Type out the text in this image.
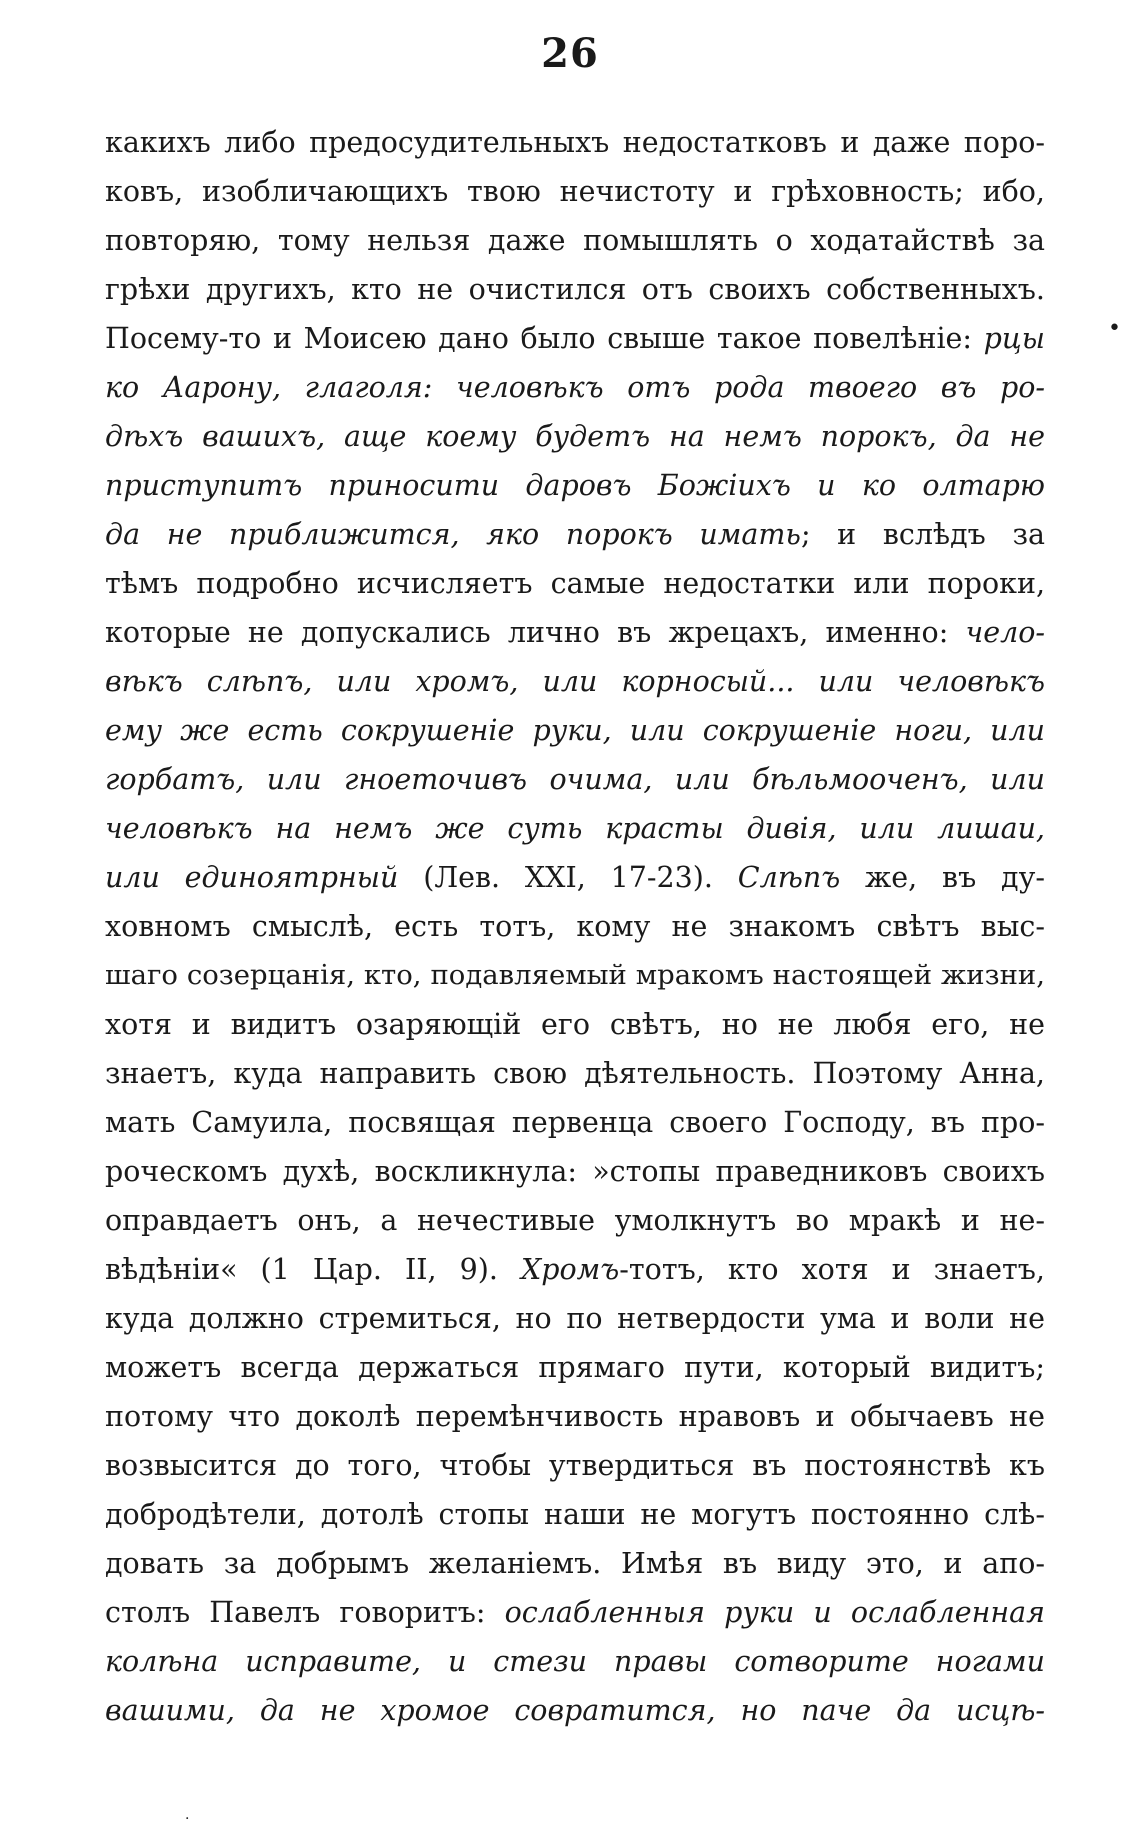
26
какихъ либо предосудительныхъ недостатковъ и даже поро-
ковъ, изобличающихъ твою нечистоту и грѣховность; ибо,
повторяю, тому нельзя даже помышлять о ходатайствѣ за
грѣхи другихъ, кто не очистился отъ своихъ собственныхъ.
Посему-то и Моисею дано было свыше такое повелѣніе: рцы
ко Аарону, глаголя: человѣкъ отъ рода твоего въ ро-
дѣхъ вашихъ, аще коему будетъ на немъ порокъ, да не
приступитъ приносити даровъ Божіихъ и ко олтарю
да не приближится, яко порокъ имать; и вслѣдъ за
тѣмъ подробно исчисляетъ самые недостатки или пороки,
которые не допускались лично въ жрецахъ, именно: чело-
вѣкъ слѣпъ, или хромъ, или корносый... или человѣкъ
ему же есть сокрушеніе руки, или сокрушеніе ноги, или
горбатъ, или гноеточивъ очима, или бѣльмооченъ, или
человѣкъ на немъ же суть красты дивія, или лишаи,
или единоятрный (Лев. XXI, 17-23). Слѣпъ же, въ ду-
ховномъ смыслѣ, есть тотъ, кому не знакомъ свѣтъ выс-
шаго созерцанія, кто, подавляемый мракомъ настоящей жизни,
хотя и видитъ озаряющій его свѣтъ, но не любя его, не
знаетъ, куда направить свою дѣятельность. Поэтому Анна,
мать Самуила, посвящая первенца своего Господу, въ про-
роческомъ духѣ, воскликнула: »стопы праведниковъ своихъ
оправдаетъ онъ, а нечестивые умолкнутъ во мракѣ и не-
вѣдѣніи« (1 Цар. II, 9). Хромъ-тотъ, кто хотя и знаетъ,
куда должно стремиться, но по нетвердости ума и воли не
можетъ всегда держаться прямаго пути, который видитъ;
потому что доколѣ перемѣнчивость нравовъ и обычаевъ не
возвысится до того, чтобы утвердиться въ постоянствѣ къ
добродѣтели, дотолѣ стопы наши не могутъ постоянно слѣ-
довать за добрымъ желаніемъ. Имѣя въ виду это, и апо-
столъ Павелъ говоритъ: ослабленныя руки и ослабленная
колѣна исправите, и стези правы сотворите ногами
вашими, да не хромое совратится, но паче да исцѣ-
•
·
